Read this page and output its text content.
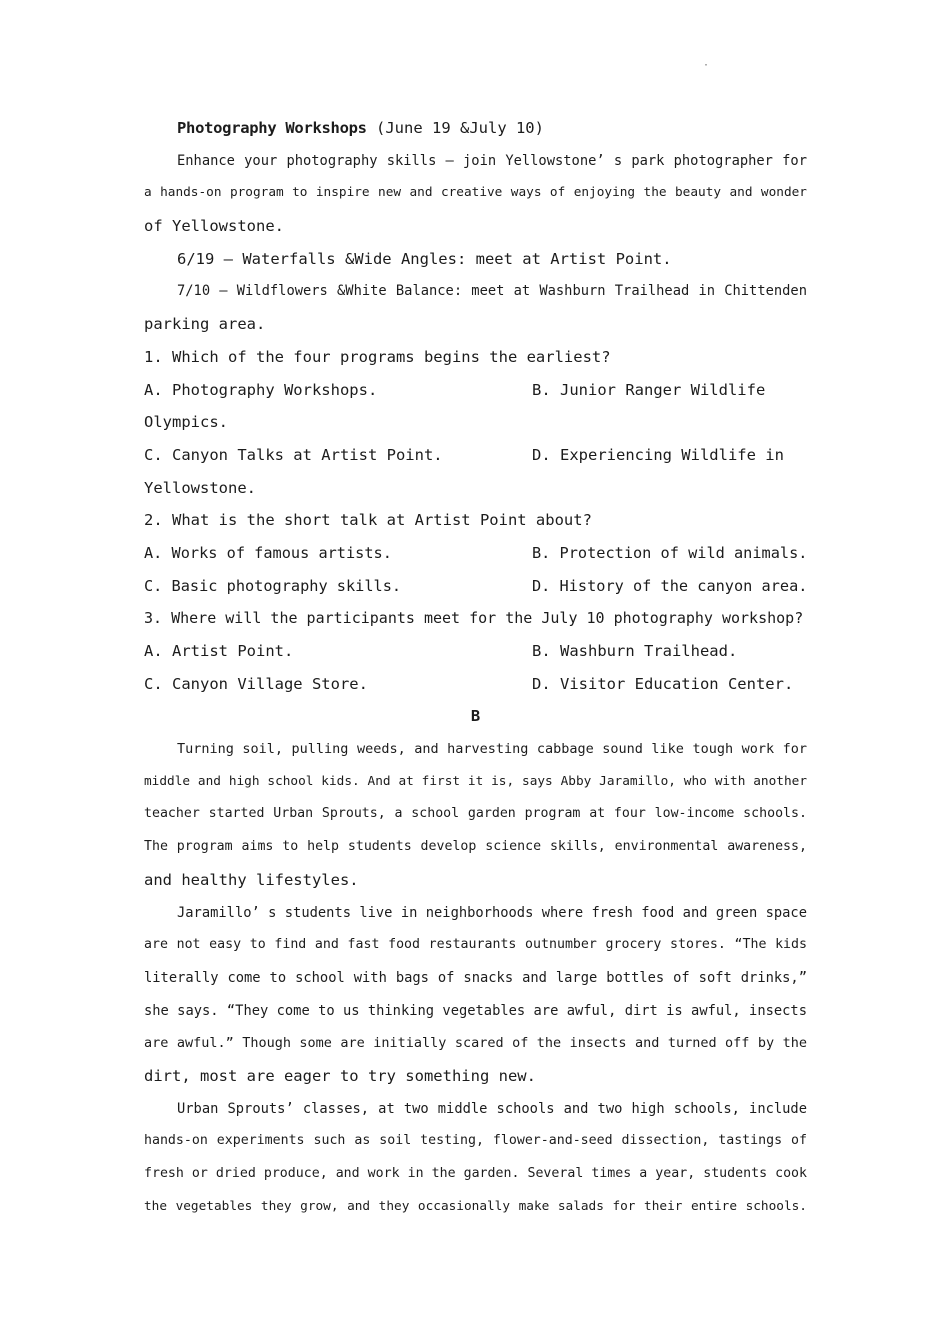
·
Photography Workshops (June 19 &July 10)
Enhance your photography skills — join Yellowstone’ s park photographer for
a hands-on program to inspire new and creative ways of enjoying the beauty and wonder
of Yellowstone.
6/19 — Waterfalls &Wide Angles: meet at Artist Point.
7/10 — Wildflowers &White Balance: meet at Washburn Trailhead in Chittenden
parking area.
1. Which of the four programs begins the earliest?
A. Photography Workshops.	B. Junior Ranger Wildlife
Olympics.
C. Canyon Talks at Artist Point.	D. Experiencing Wildlife in
Yellowstone.
2. What is the short talk at Artist Point about?
A. Works of famous artists.	B. Protection of wild animals.
C. Basic photography skills.	D. History of the canyon area.
3. Where will the participants meet for the July 10 photography workshop?
A. Artist Point.	B. Washburn Trailhead.
C. Canyon Village Store.	D. Visitor Education Center.
B
Turning soil, pulling weeds, and harvesting cabbage sound like tough work for
middle and high school kids. And at first it is, says Abby Jaramillo, who with another
teacher started Urban Sprouts, a school garden program at four low-income schools.
The program aims to help students develop science skills, environmental awareness,
and healthy lifestyles.
Jaramillo’ s students live in neighborhoods where fresh food and green space
are not easy to find and fast food restaurants outnumber grocery stores. “The kids
literally come to school with bags of snacks and large bottles of soft drinks,”
she says. “They come to us thinking vegetables are awful, dirt is awful, insects
are awful.” Though some are initially scared of the insects and turned off by the
dirt, most are eager to try something new.
Urban Sprouts’ classes, at two middle schools and two high schools, include
hands-on experiments such as soil testing, flower-and-seed dissection, tastings of
fresh or dried produce, and work in the garden. Several times a year, students cook
the vegetables they grow, and they occasionally make salads for their entire schools.
